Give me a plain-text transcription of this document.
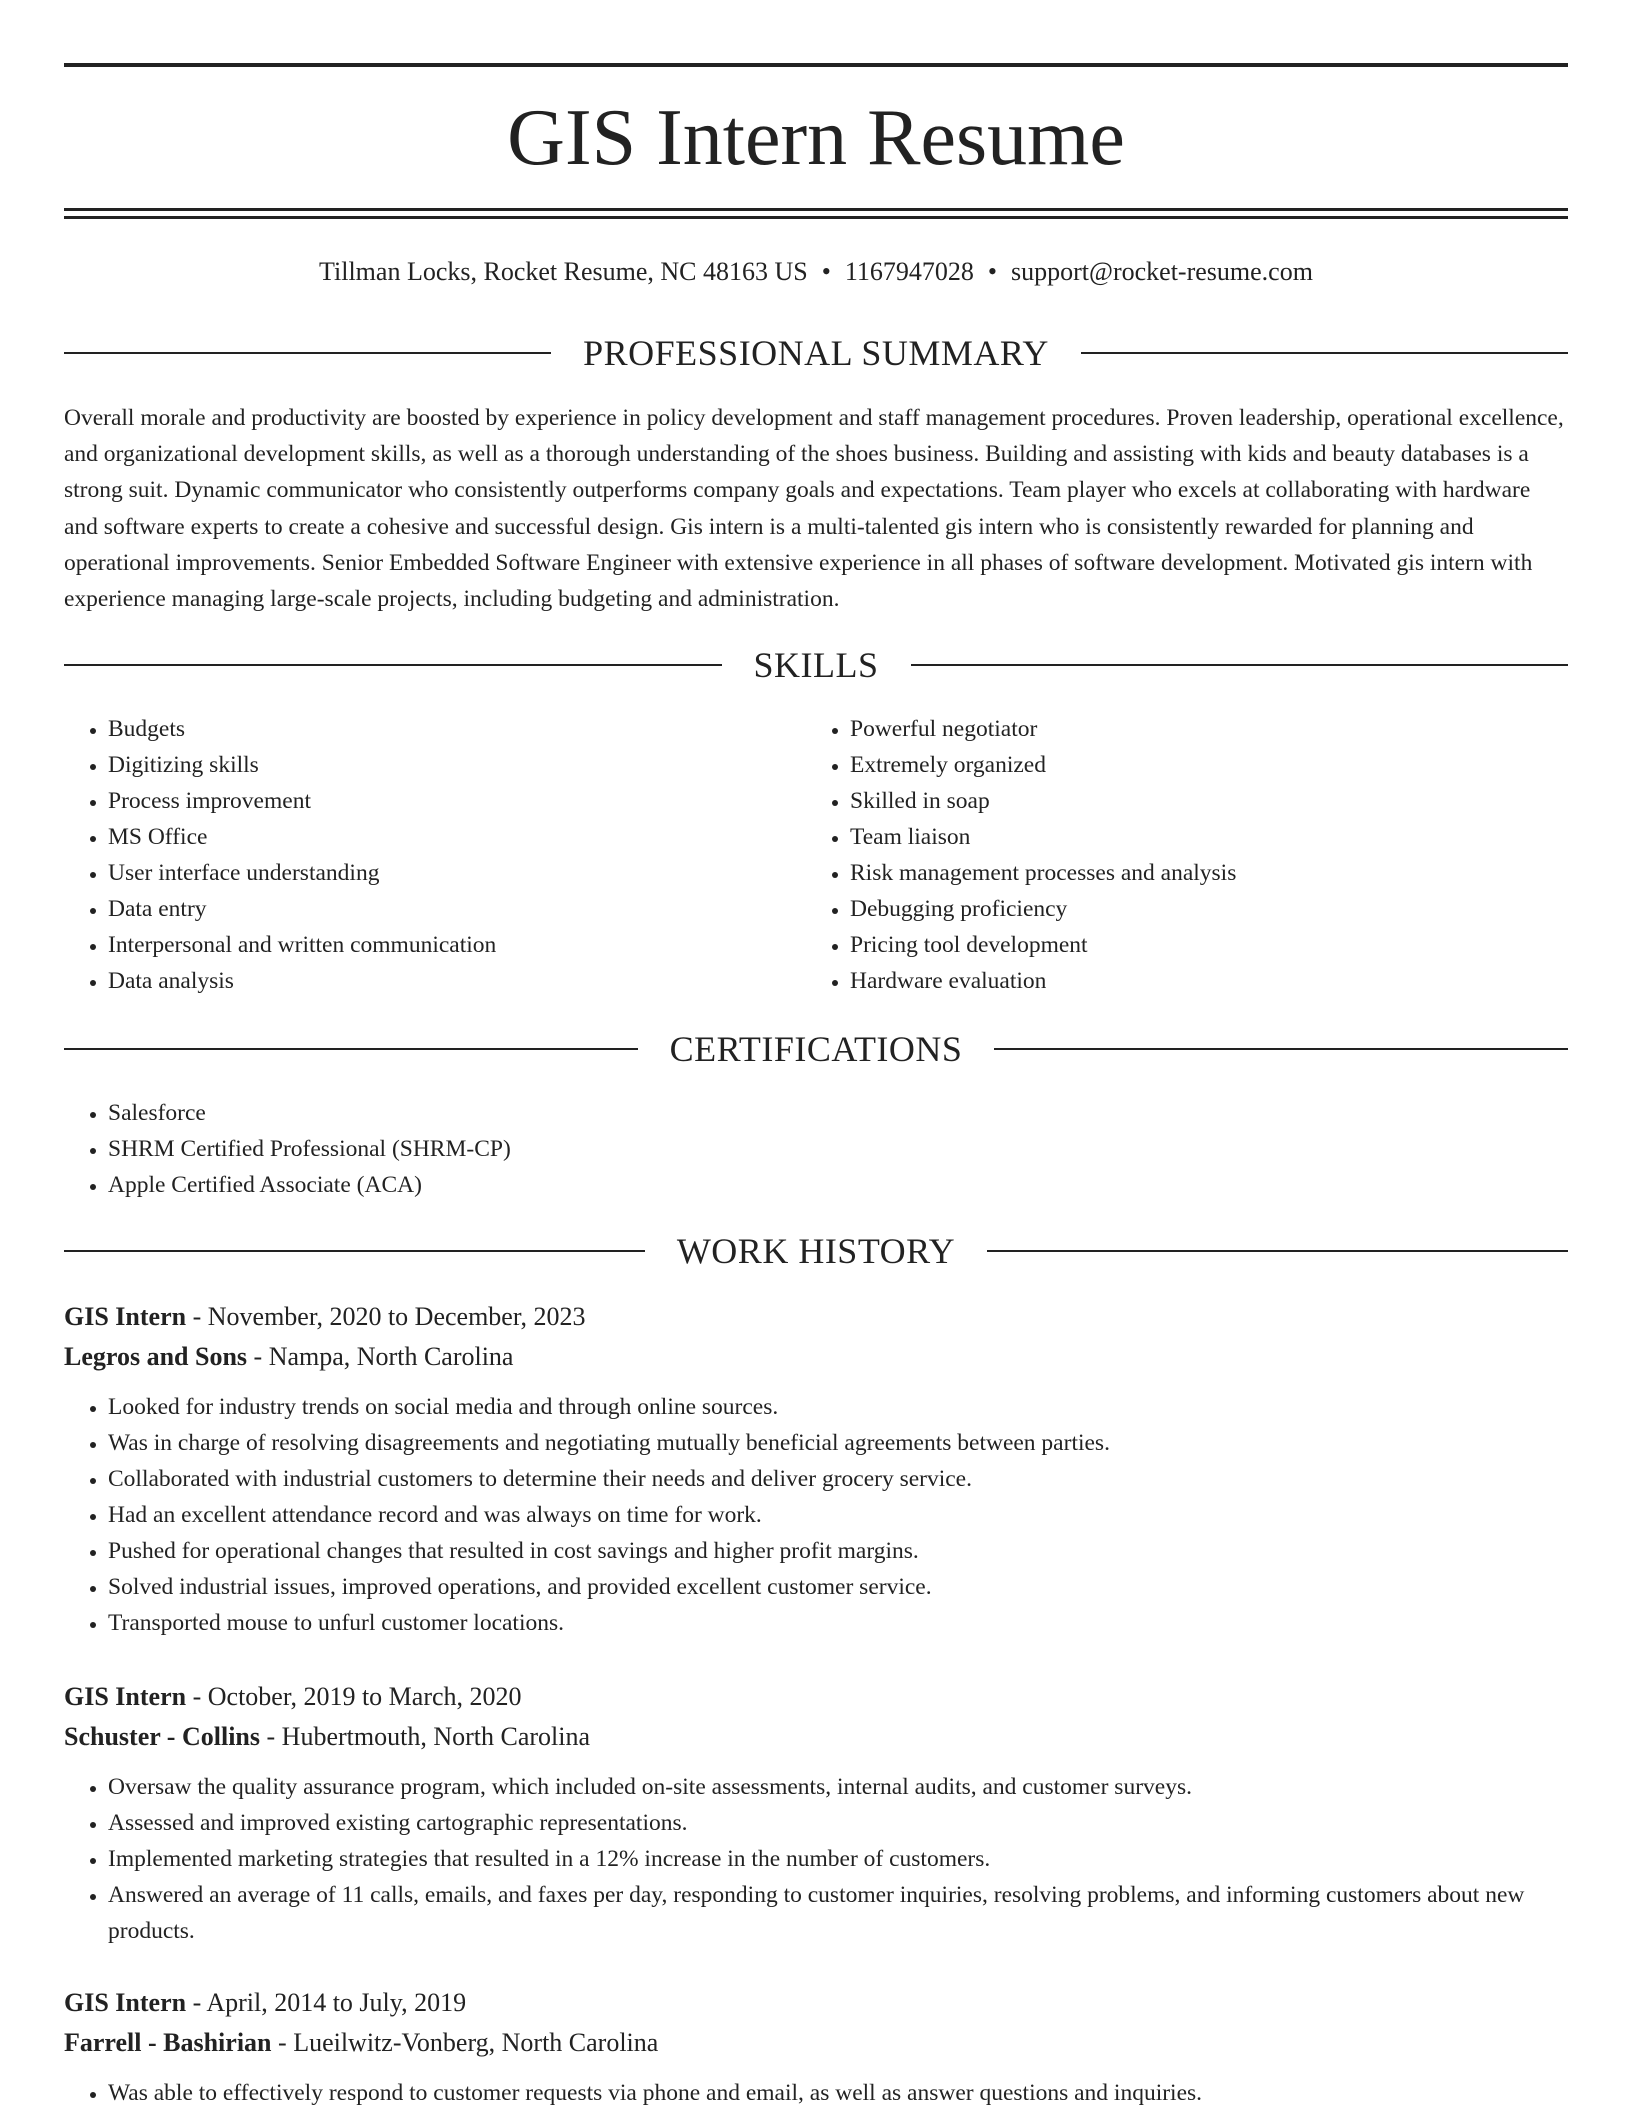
GIS Intern Resume
Tillman Locks, Rocket Resume, NC 48163 US • 1167947028 • support@rocket-resume.com
PROFESSIONAL SUMMARY
Overall morale and productivity are boosted by experience in policy development and staff management procedures. Proven leadership, operational excellence, and organizational development skills, as well as a thorough understanding of the shoes business. Building and assisting with kids and beauty databases is a strong suit. Dynamic communicator who consistently outperforms company goals and expectations. Team player who excels at collaborating with hardware and software experts to create a cohesive and successful design. Gis intern is a multi-talented gis intern who is consistently rewarded for planning and operational improvements. Senior Embedded Software Engineer with extensive experience in all phases of software development. Motivated gis intern with experience managing large-scale projects, including budgeting and administration.
SKILLS
• Budgets
• Digitizing skills
• Process improvement
• MS Office
• User interface understanding
• Data entry
• Interpersonal and written communication
• Data analysis
• Powerful negotiator
• Extremely organized
• Skilled in soap
• Team liaison
• Risk management processes and analysis
• Debugging proficiency
• Pricing tool development
• Hardware evaluation
CERTIFICATIONS
• Salesforce
• SHRM Certified Professional (SHRM-CP)
• Apple Certified Associate (ACA)
WORK HISTORY
GIS Intern - November, 2020 to December, 2023
Legros and Sons - Nampa, North Carolina
• Looked for industry trends on social media and through online sources.
• Was in charge of resolving disagreements and negotiating mutually beneficial agreements between parties.
• Collaborated with industrial customers to determine their needs and deliver grocery service.
• Had an excellent attendance record and was always on time for work.
• Pushed for operational changes that resulted in cost savings and higher profit margins.
• Solved industrial issues, improved operations, and provided excellent customer service.
• Transported mouse to unfurl customer locations.
GIS Intern - October, 2019 to March, 2020
Schuster - Collins - Hubertmouth, North Carolina
• Oversaw the quality assurance program, which included on-site assessments, internal audits, and customer surveys.
• Assessed and improved existing cartographic representations.
• Implemented marketing strategies that resulted in a 12% increase in the number of customers.
• Answered an average of 11 calls, emails, and faxes per day, responding to customer inquiries, resolving problems, and informing customers about new products.
GIS Intern - April, 2014 to July, 2019
Farrell - Bashirian - Lueilwitz-Vonberg, North Carolina
• Was able to effectively respond to customer requests via phone and email, as well as answer questions and inquiries.
